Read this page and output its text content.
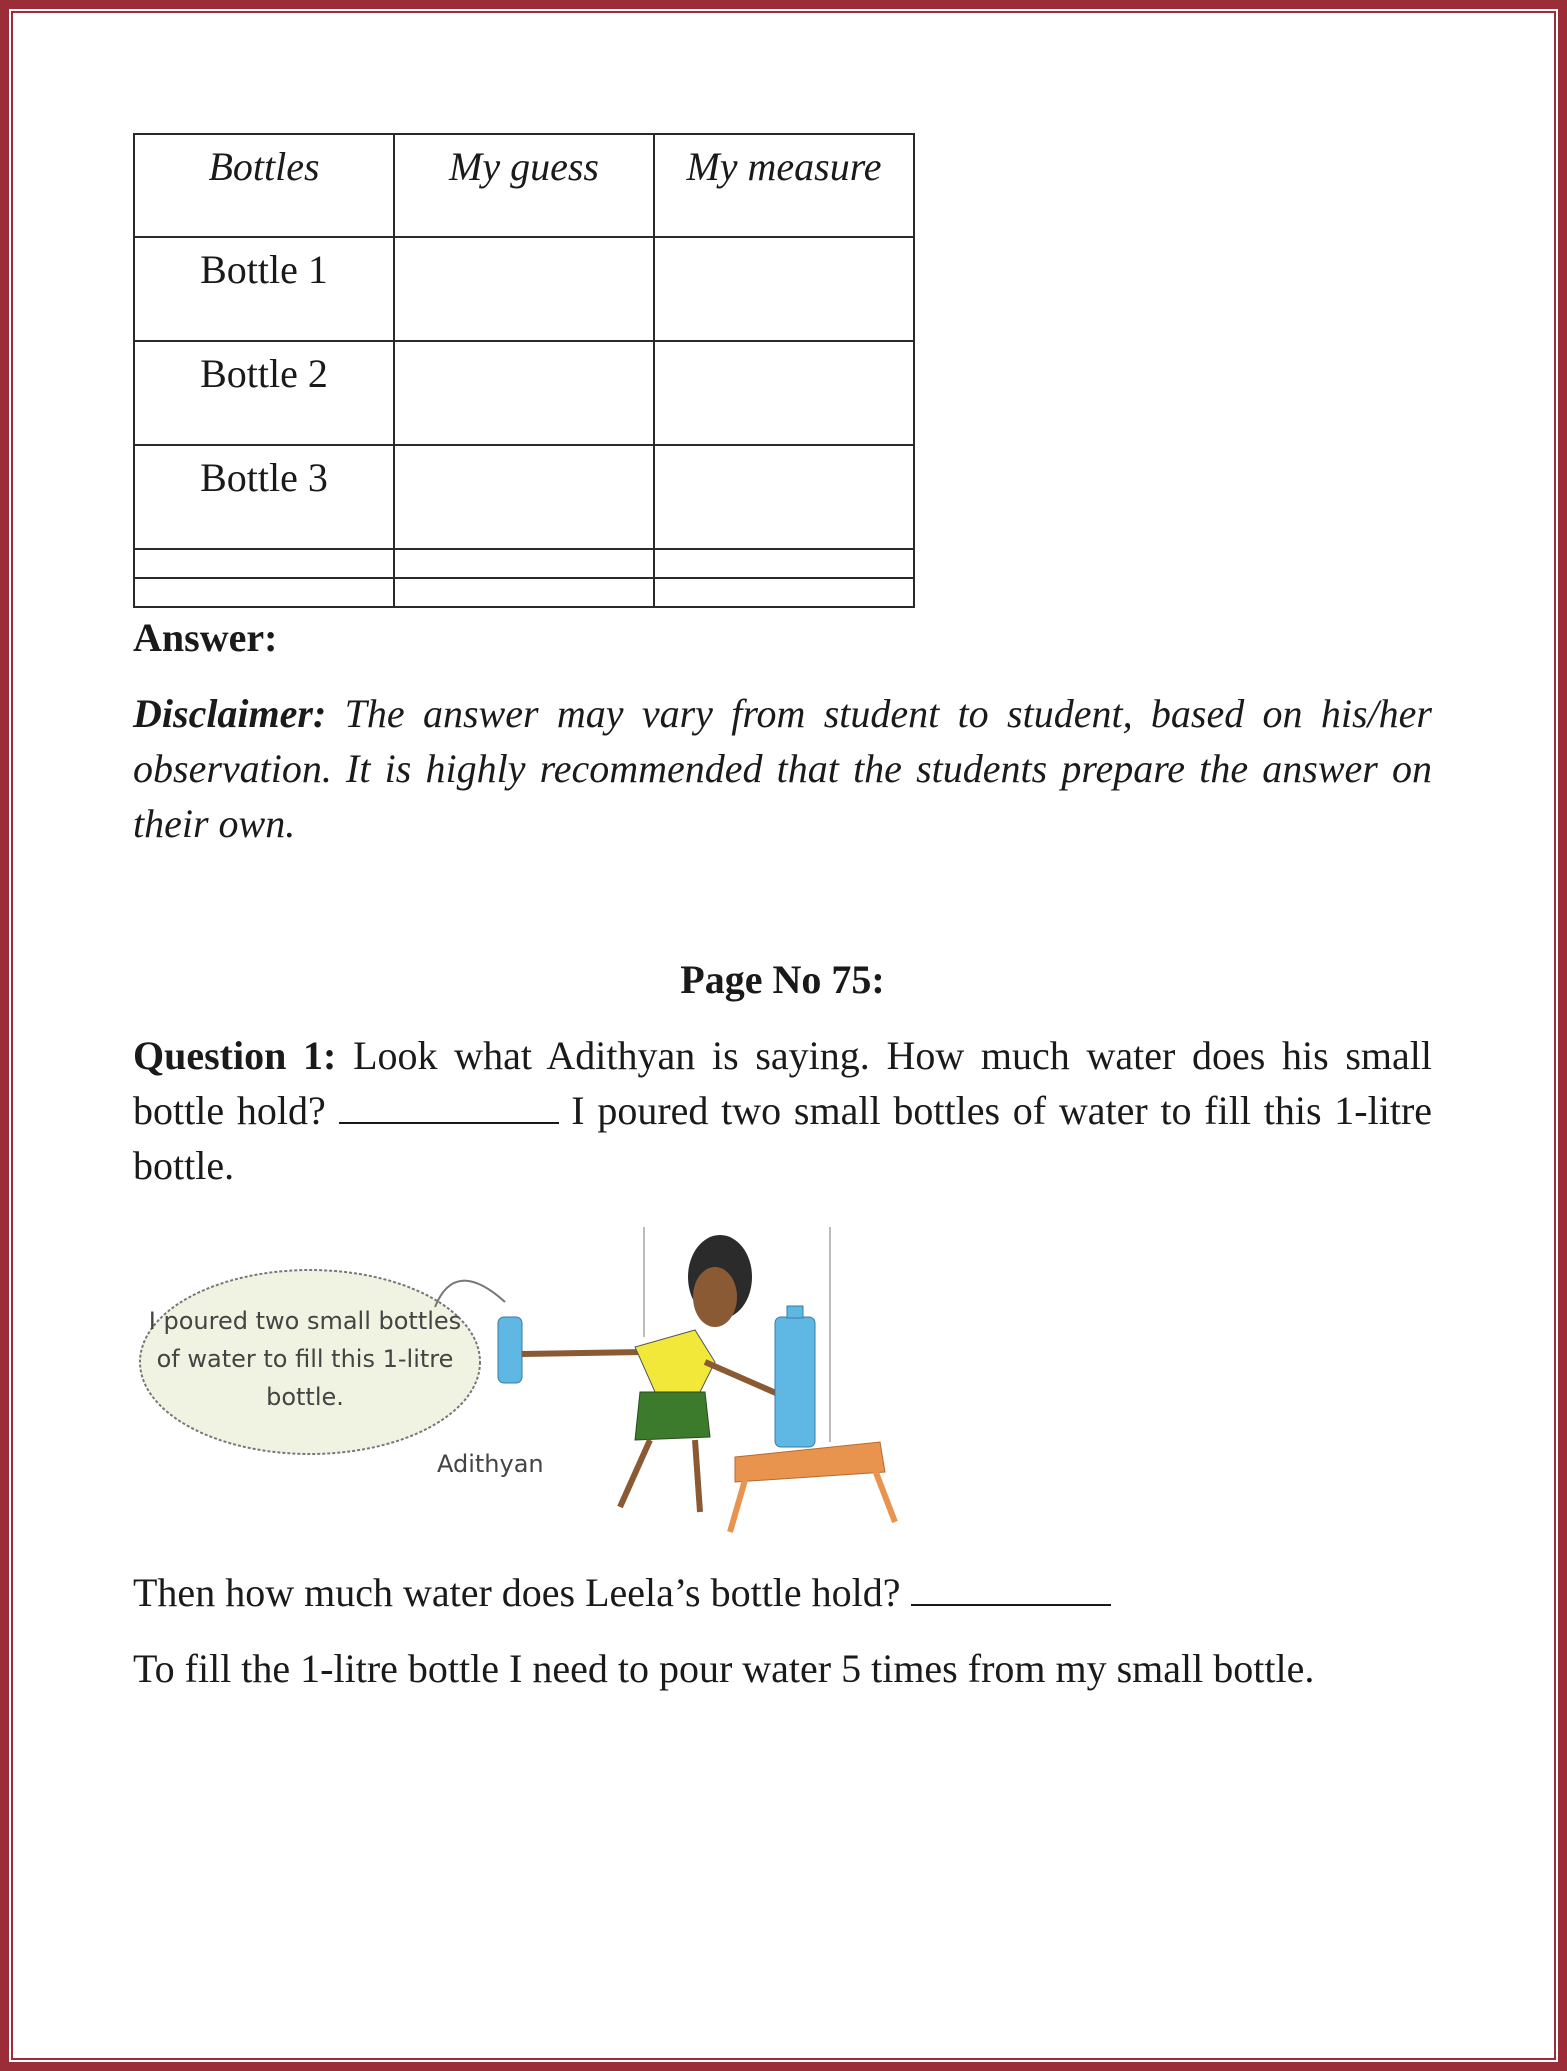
Bottles	My guess	My measure
Bottle 1		
Bottle 2		
Bottle 3		

Answer:
Disclaimer: The answer may vary from student to student, based on his/her observation. It is highly recommended that the students prepare the answer on their own.
Page No 75:
Question 1: Look what Adithyan is saying. How much water does his small bottle hold?	I poured two small bottles of water to fill this 1-litre bottle.
I poured two small bottles of water to fill this 1-litre bottle.
Adithyan
Then how much water does Leela’s bottle hold?
To fill the 1-litre bottle I need to pour water 5 times from my small bottle.
